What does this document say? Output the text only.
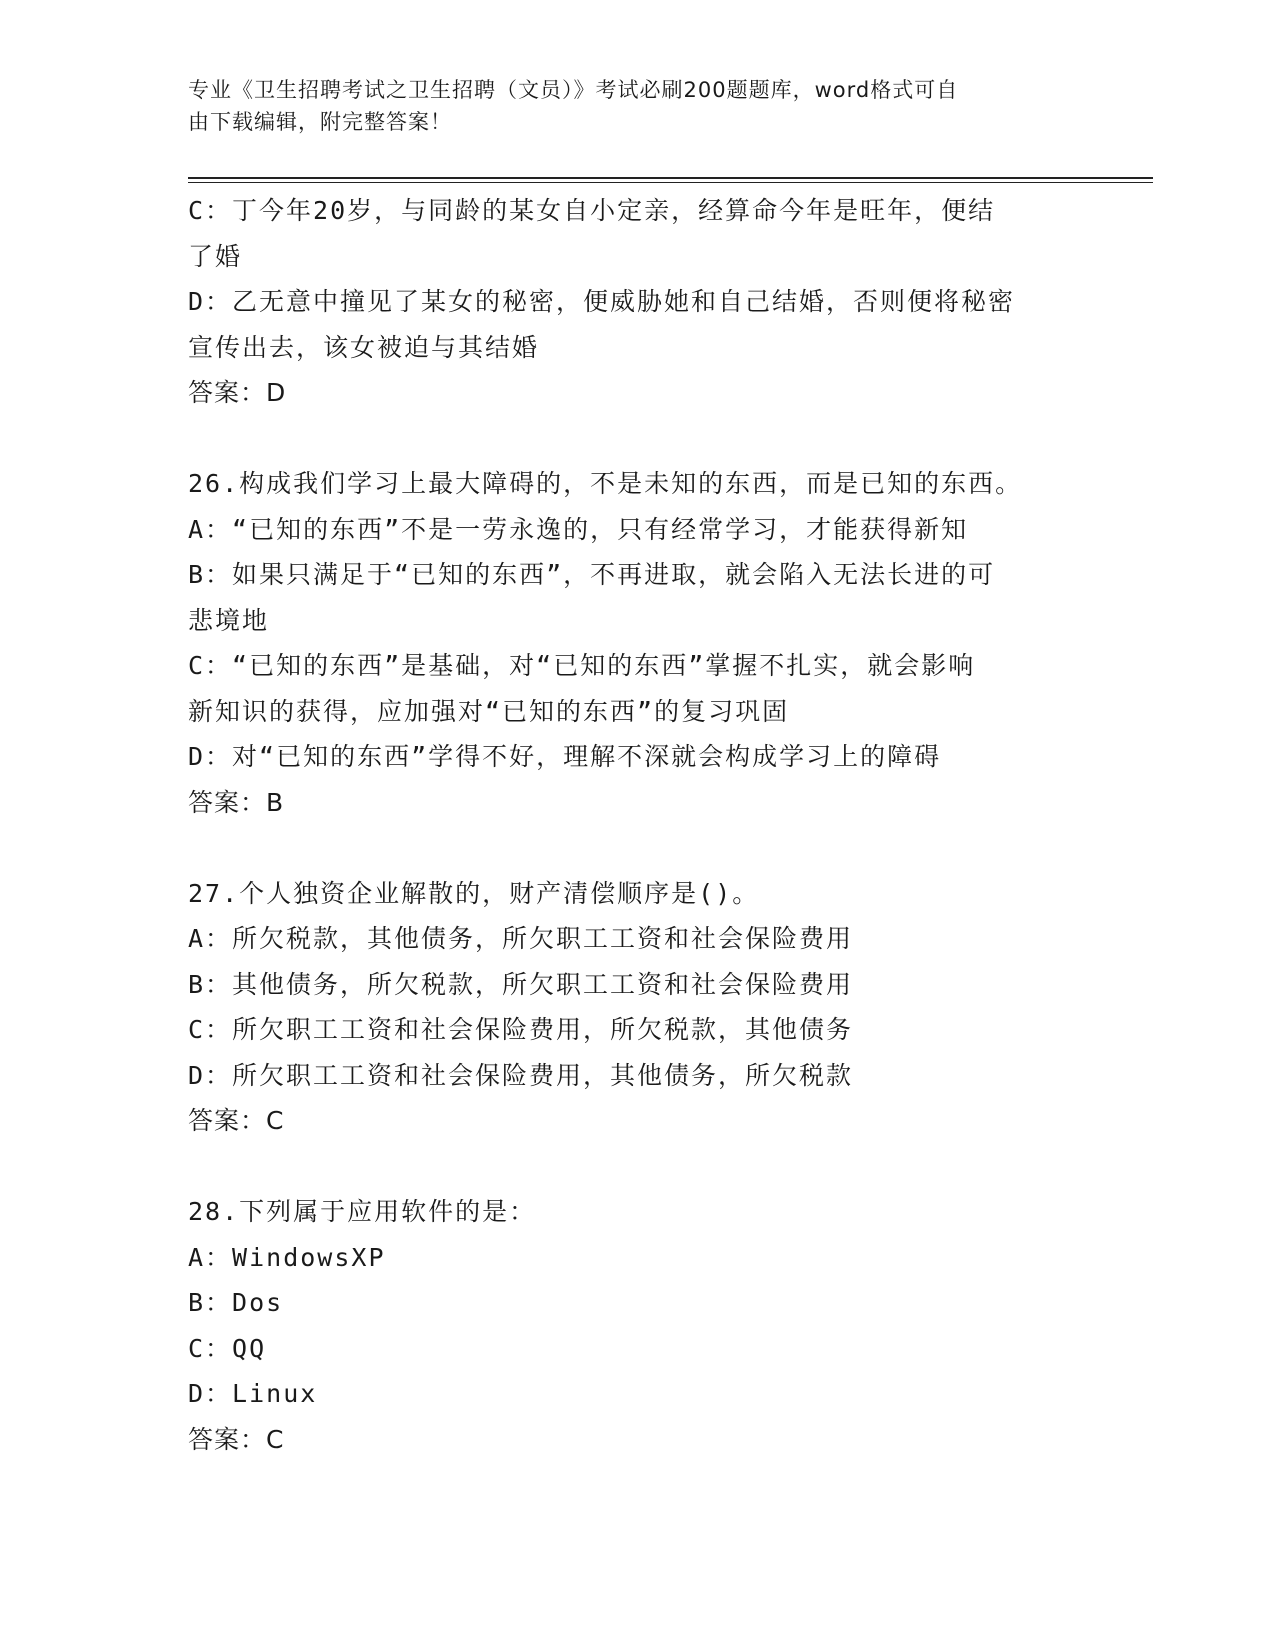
专业《卫生招聘考试之卫生招聘（文员）》考试必刷200题题库，word格式可自
由下载编辑，附完整答案！
C：丁今年20岁，与同龄的某女自小定亲，经算命今年是旺年，便结
了婚
D：乙无意中撞见了某女的秘密，便威胁她和自己结婚，否则便将秘密
宣传出去，该女被迫与其结婚
答案：D
26.构成我们学习上最大障碍的，不是未知的东西，而是已知的东西。
A：“已知的东西”不是一劳永逸的，只有经常学习，才能获得新知
B：如果只满足于“已知的东西”，不再进取，就会陷入无法长进的可
悲境地
C：“已知的东西”是基础，对“已知的东西”掌握不扎实，就会影响
新知识的获得，应加强对“已知的东西”的复习巩固
D：对“已知的东西”学得不好，理解不深就会构成学习上的障碍
答案：B
27.个人独资企业解散的，财产清偿顺序是()。
A：所欠税款，其他债务，所欠职工工资和社会保险费用
B：其他债务，所欠税款，所欠职工工资和社会保险费用
C：所欠职工工资和社会保险费用，所欠税款，其他债务
D：所欠职工工资和社会保险费用，其他债务，所欠税款
答案：C
28.下列属于应用软件的是：
A：WindowsXP
B：Dos
C：QQ
D：Linux
答案：C
